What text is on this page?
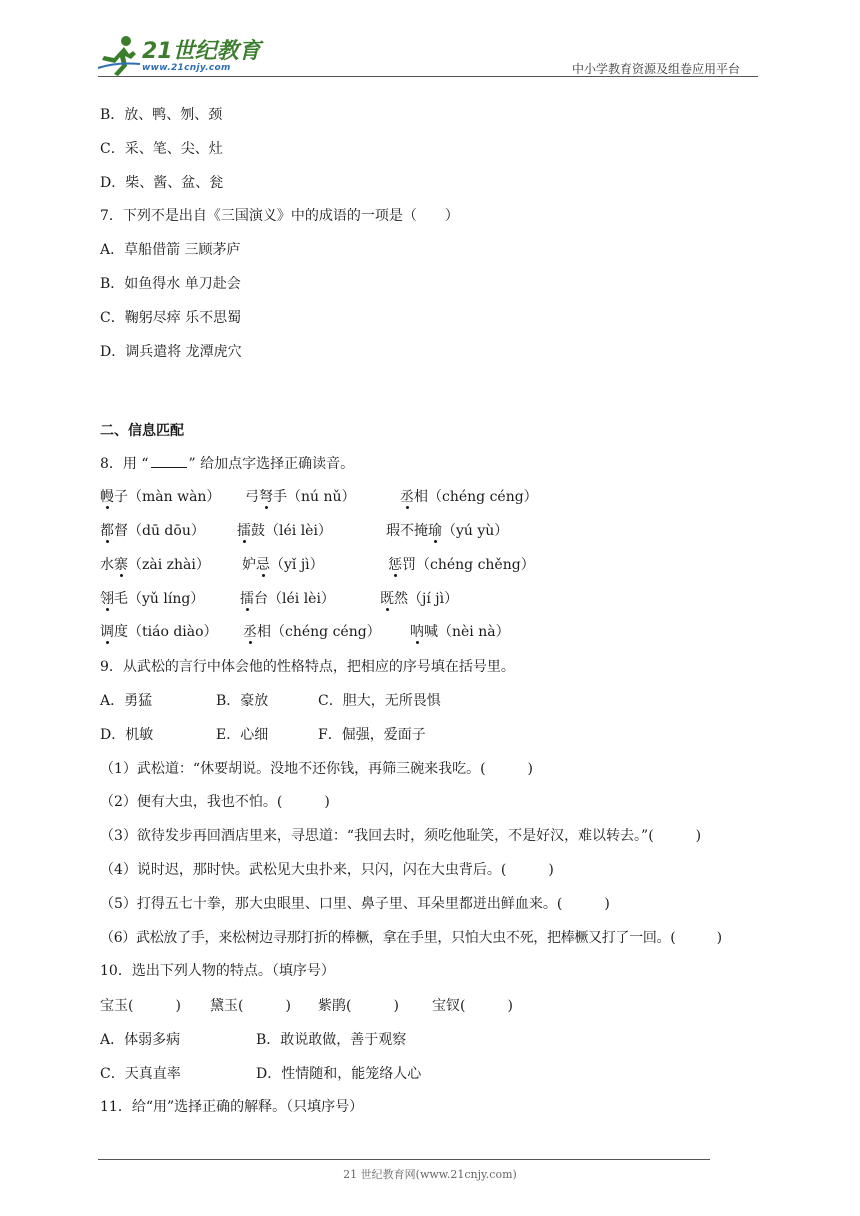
21世纪教育
www.21cnjy.com	中小学教育资源及组卷应用平台
B．放、鸭、刎、颈
C．采、笔、尖、灶
D．柴、酱、盆、瓮
7．下列不是出自《三国演义》中的成语的一项是（　　）
A．草船借箭 三顾茅庐
B．如鱼得水 单刀赴会
C．鞠躬尽瘁 乐不思蜀
D．调兵遣将 龙潭虎穴
二、信息匹配
8．用 “	” 给加点字选择正确读音。
幔子（màn wàn） 弓弩手（nú nǔ）	丞相（chéng céng）
都督（dū dōu） 擂鼓（léi lèi）	瑕不掩瑜（yú yù）
水寨（zài zhài） 妒忌（yǐ jì）	惩罚（chéng chěng）
翎毛（yǔ líng）	擂台（léi lèi）	既然（jí jì）
调度（tiáo diào） 丞相（chéng céng） 呐喊（nèi nà）
9．从武松的言行中体会他的性格特点，把相应的序号填在括号里。
A．勇猛	B．豪放	C．胆大，无所畏惧
D．机敏	E．心细	F．倔强，爱面子
（1）武松道：“休要胡说。没地不还你钱，再筛三碗来我吃。(　　　)
（2）便有大虫，我也不怕。(　　　)
（3）欲待发步再回酒店里来，寻思道：“我回去时，须吃他耻笑，不是好汉，难以转去。”(　　　)
（4）说时迟，那时快。武松见大虫扑来，只闪，闪在大虫背后。(　　　)
（5）打得五七十拳，那大虫眼里、口里、鼻子里、耳朵里都迸出鲜血来。(　　　)
（6）武松放了手，来松树边寻那打折的棒橛，拿在手里，只怕大虫不死，把棒橛又打了一回。(　　　)
10．选出下列人物的特点。（填序号）
宝玉(　　　) 黛玉(　　　) 紫鹃(　　　) 宝钗(　　　)
A．体弱多病	B．敢说敢做，善于观察
C．天真直率	D．性情随和，能笼络人心
11．给“用”选择正确的解释。（只填序号）
21 世纪教育网(www.21cnjy.com)
